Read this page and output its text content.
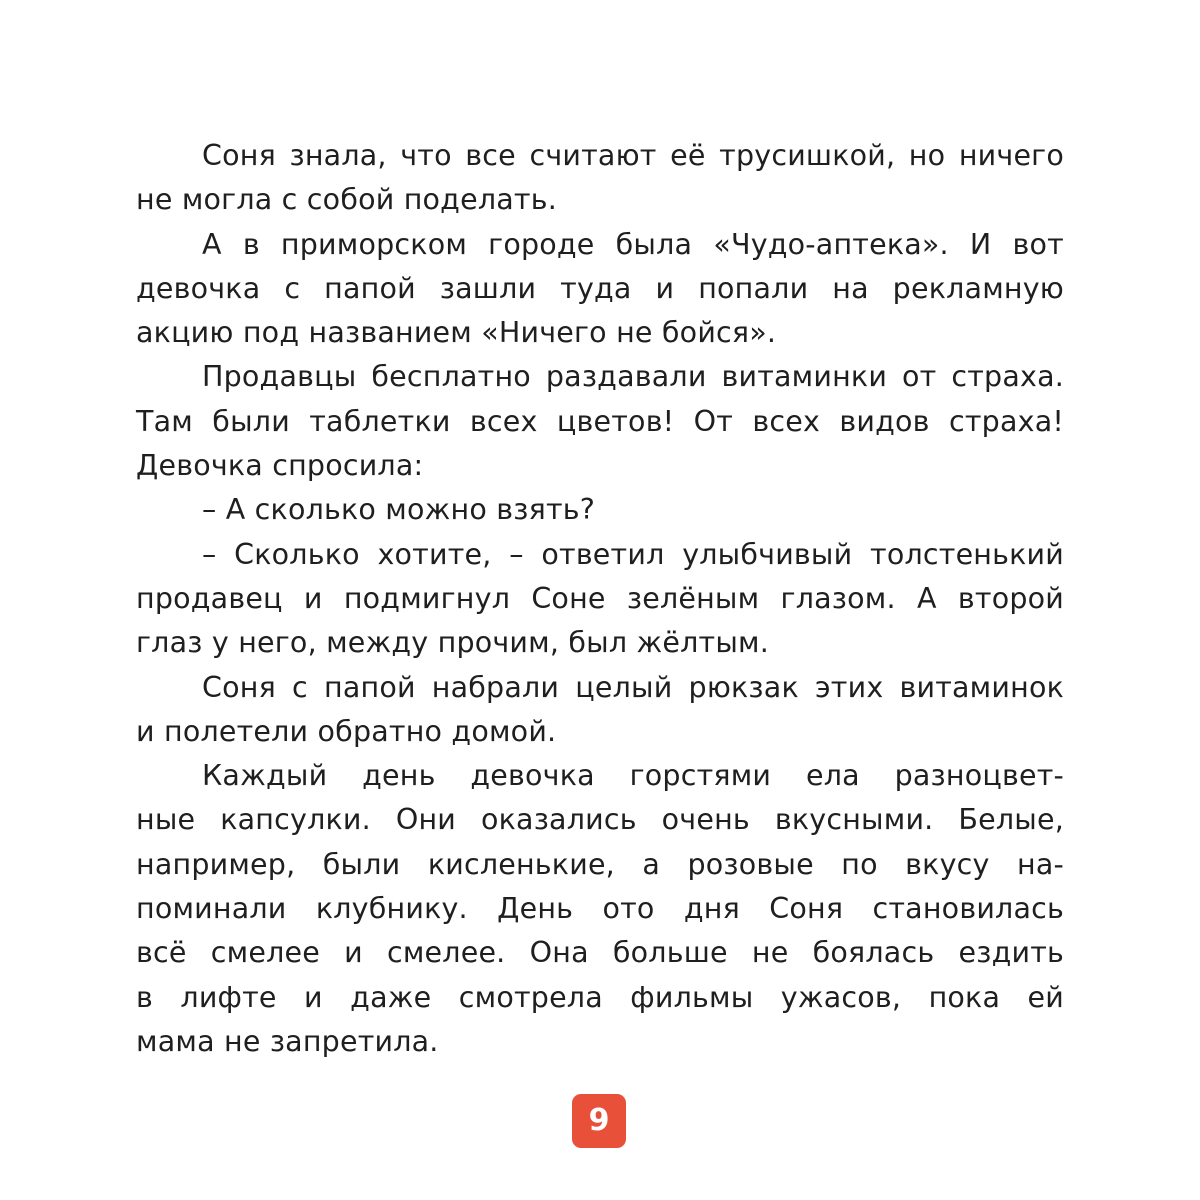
Соня знала, что все считают её трусишкой, но ничего
не могла с собой поделать.
А в приморском городе была «Чудо-аптека». И вот
девочка с папой зашли туда и попали на рекламную
акцию под названием «Ничего не бойся».
Продавцы бесплатно раздавали витаминки от страха.
Там были таблетки всех цветов! От всех видов страха!
Девочка спросила:
– А сколько можно взять?
– Сколько хотите, – ответил улыбчивый толстенький
продавец и подмигнул Соне зелёным глазом. А второй
глаз у него, между прочим, был жёлтым.
Соня с папой набрали целый рюкзак этих витаминок
и полетели обратно домой.
Каждый день девочка горстями ела разноцвет-
ные капсулки. Они оказались очень вкусными. Белые,
например, были кисленькие, а розовые по вкусу на-
поминали клубнику. День ото дня Соня становилась
всё смелее и смелее. Она больше не боялась ездить
в лифте и даже смотрела фильмы ужасов, пока ей
мама не запретила.
9
